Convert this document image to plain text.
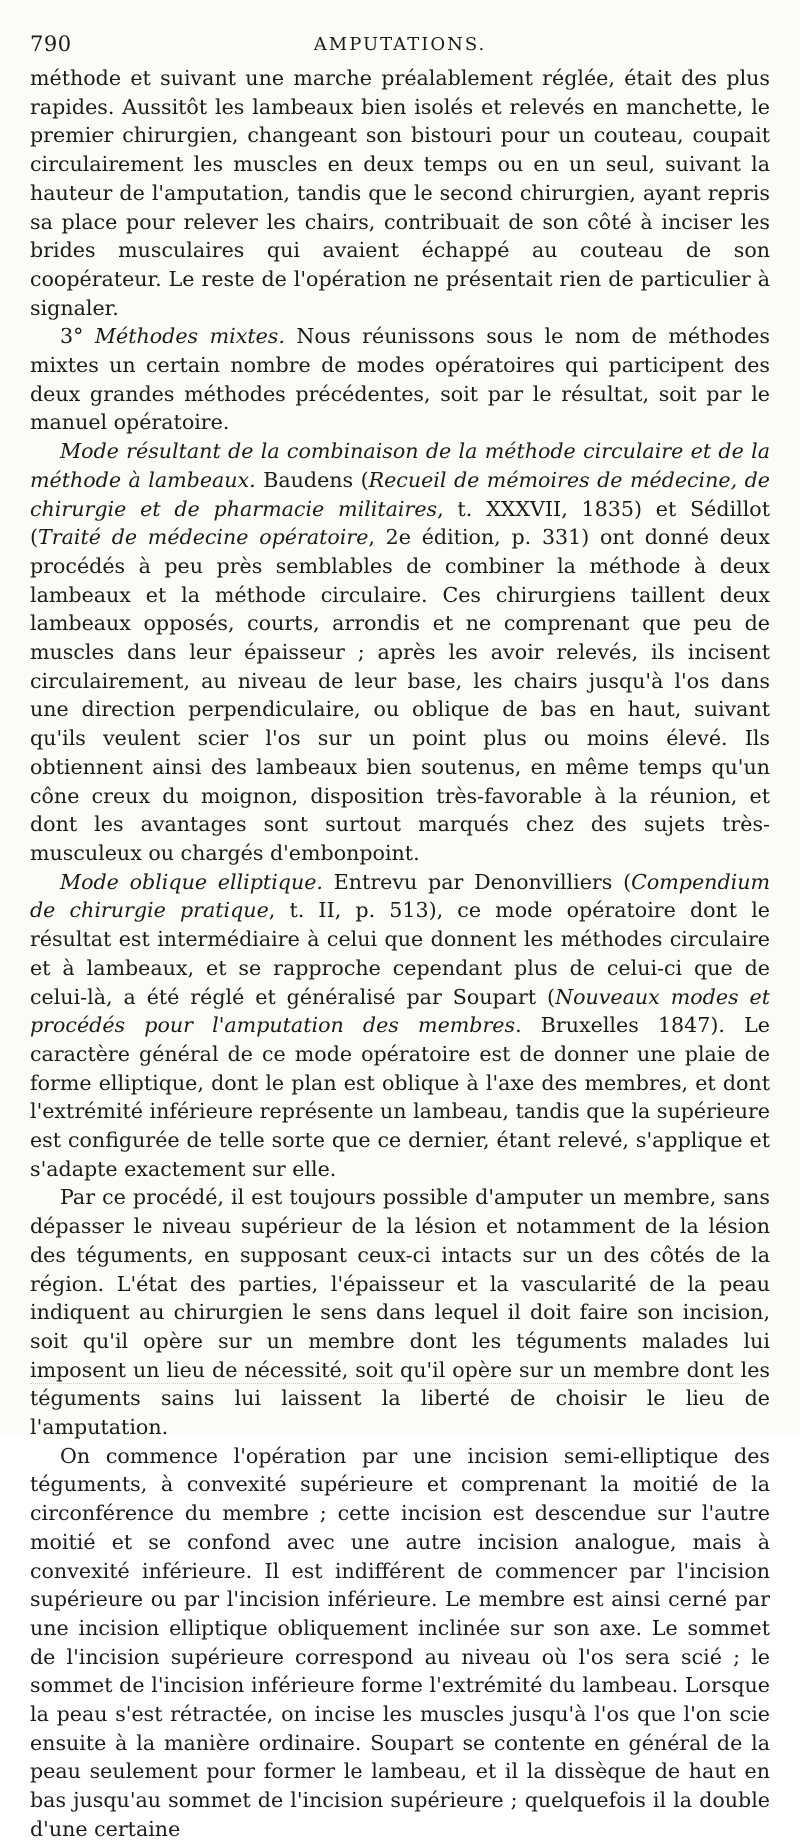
790	AMPUTATIONS.

méthode et suivant une marche préalablement réglée, était des plus rapides. Aussitôt les lambeaux bien isolés et relevés en manchette, le premier chirurgien, changeant son bistouri pour un couteau, coupait circulairement les muscles en deux temps ou en un seul, suivant la hauteur de l'amputation, tandis que le second chirurgien, ayant repris sa place pour relever les chairs, contribuait de son côté à inciser les brides musculaires qui avaient échappé au couteau de son coopérateur. Le reste de l'opération ne présentait rien de particulier à signaler.

3° Méthodes mixtes. Nous réunissons sous le nom de méthodes mixtes un certain nombre de modes opératoires qui participent des deux grandes méthodes précédentes, soit par le résultat, soit par le manuel opératoire.

Mode résultant de la combinaison de la méthode circulaire et de la méthode à lambeaux. Baudens (Recueil de mémoires de médecine, de chirurgie et de pharmacie militaires, t. XXXVII, 1835) et Sédillot (Traité de médecine opératoire, 2e édition, p. 331) ont donné deux procédés à peu près semblables de combiner la méthode à deux lambeaux et la méthode circulaire. Ces chirurgiens taillent deux lambeaux opposés, courts, arrondis et ne comprenant que peu de muscles dans leur épaisseur ; après les avoir relevés, ils incisent circulairement, au niveau de leur base, les chairs jusqu'à l'os dans une direction perpendiculaire, ou oblique de bas en haut, suivant qu'ils veulent scier l'os sur un point plus ou moins élevé. Ils obtiennent ainsi des lambeaux bien soutenus, en même temps qu'un cône creux du moignon, disposition très-favorable à la réunion, et dont les avantages sont surtout marqués chez des sujets très-musculeux ou chargés d'embonpoint.

Mode oblique elliptique. Entrevu par Denonvilliers (Compendium de chirurgie pratique, t. II, p. 513), ce mode opératoire dont le résultat est intermédiaire à celui que donnent les méthodes circulaire et à lambeaux, et se rapproche cependant plus de celui-ci que de celui-là, a été réglé et généralisé par Soupart (Nouveaux modes et procédés pour l'amputation des membres. Bruxelles 1847). Le caractère général de ce mode opératoire est de donner une plaie de forme elliptique, dont le plan est oblique à l'axe des membres, et dont l'extrémité inférieure représente un lambeau, tandis que la supérieure est configurée de telle sorte que ce dernier, étant relevé, s'applique et s'adapte exactement sur elle.

Par ce procédé, il est toujours possible d'amputer un membre, sans dépasser le niveau supérieur de la lésion et notamment de la lésion des téguments, en supposant ceux-ci intacts sur un des côtés de la région. L'état des parties, l'épaisseur et la vascularité de la peau indiquent au chirurgien le sens dans lequel il doit faire son incision, soit qu'il opère sur un membre dont les téguments malades lui imposent un lieu de nécessité, soit qu'il opère sur un membre dont les téguments sains lui laissent la liberté de choisir le lieu de l'amputation.

On commence l'opération par une incision semi-elliptique des téguments, à convexité supérieure et comprenant la moitié de la circonférence du membre ; cette incision est descendue sur l'autre moitié et se confond avec une autre incision analogue, mais à convexité inférieure. Il est indifférent de commencer par l'incision supérieure ou par l'incision inférieure. Le membre est ainsi cerné par une incision elliptique obliquement inclinée sur son axe. Le sommet de l'incision supérieure correspond au niveau où l'os sera scié ; le sommet de l'incision inférieure forme l'extrémité du lambeau. Lorsque la peau s'est rétractée, on incise les muscles jusqu'à l'os que l'on scie ensuite à la manière ordinaire. Soupart se contente en général de la peau seulement pour former le lambeau, et il la dissèque de haut en bas jusqu'au sommet de l'incision supérieure ; quelquefois il la double d'une certaine
